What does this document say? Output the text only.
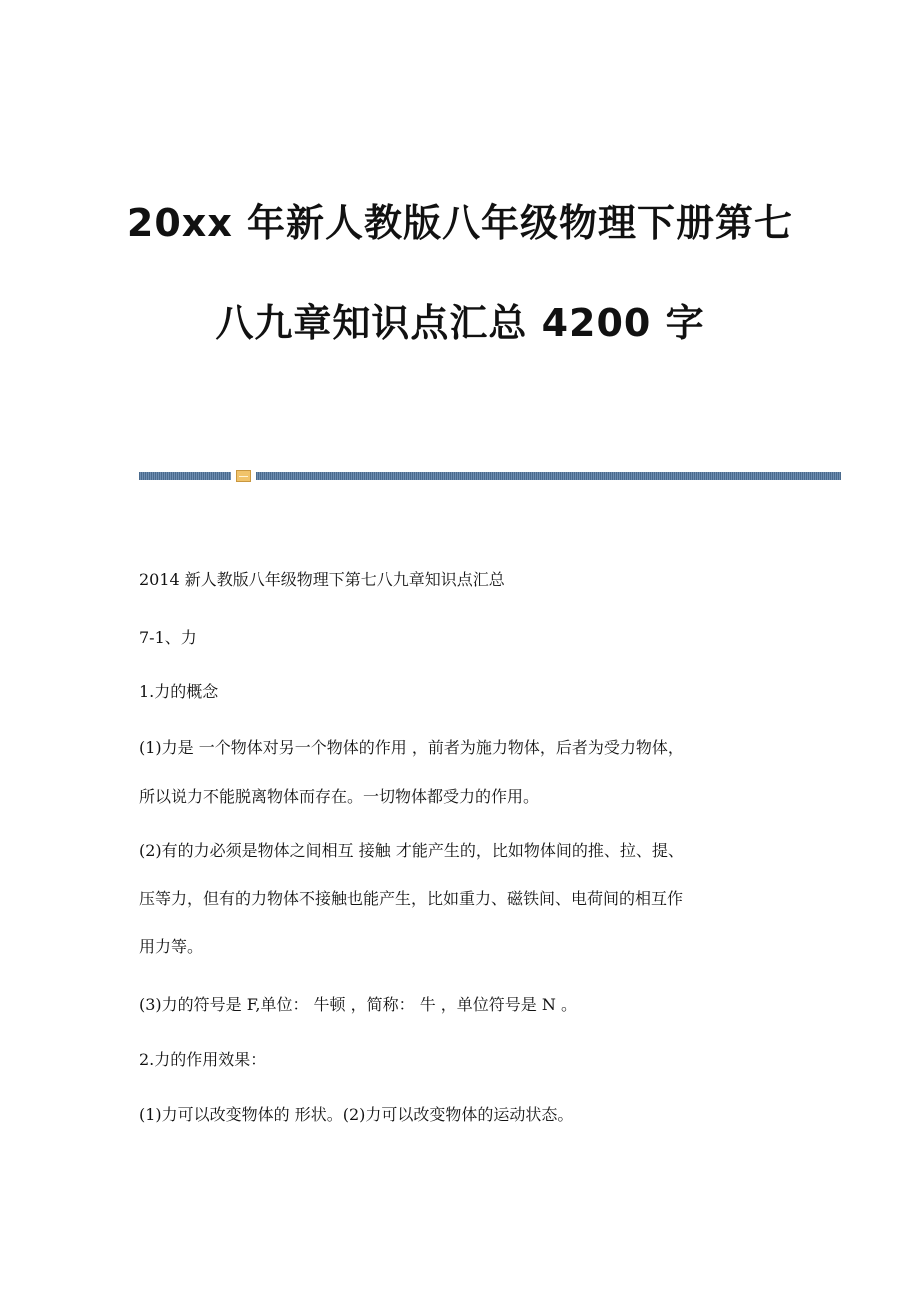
20xx 年新人教版八年级物理下册第七
八九章知识点汇总 4200 字
2014 新人教版八年级物理下第七八九章知识点汇总
7-1、力
1.力的概念
(1)力是 一个物体对另一个物体的作用 ，前者为施力物体，后者为受力物体，
所以说力不能脱离物体而存在。一切物体都受力的作用。
(2)有的力必须是物体之间相互 接触 才能产生的，比如物体间的推、拉、提、
压等力，但有的力物体不接触也能产生，比如重力、磁铁间、电荷间的相互作
用力等。
(3)力的符号是 F,单位： 牛顿 ，简称： 牛 ，单位符号是 N 。
2.力的作用效果：
(1)力可以改变物体的 形状。(2)力可以改变物体的运动状态。
